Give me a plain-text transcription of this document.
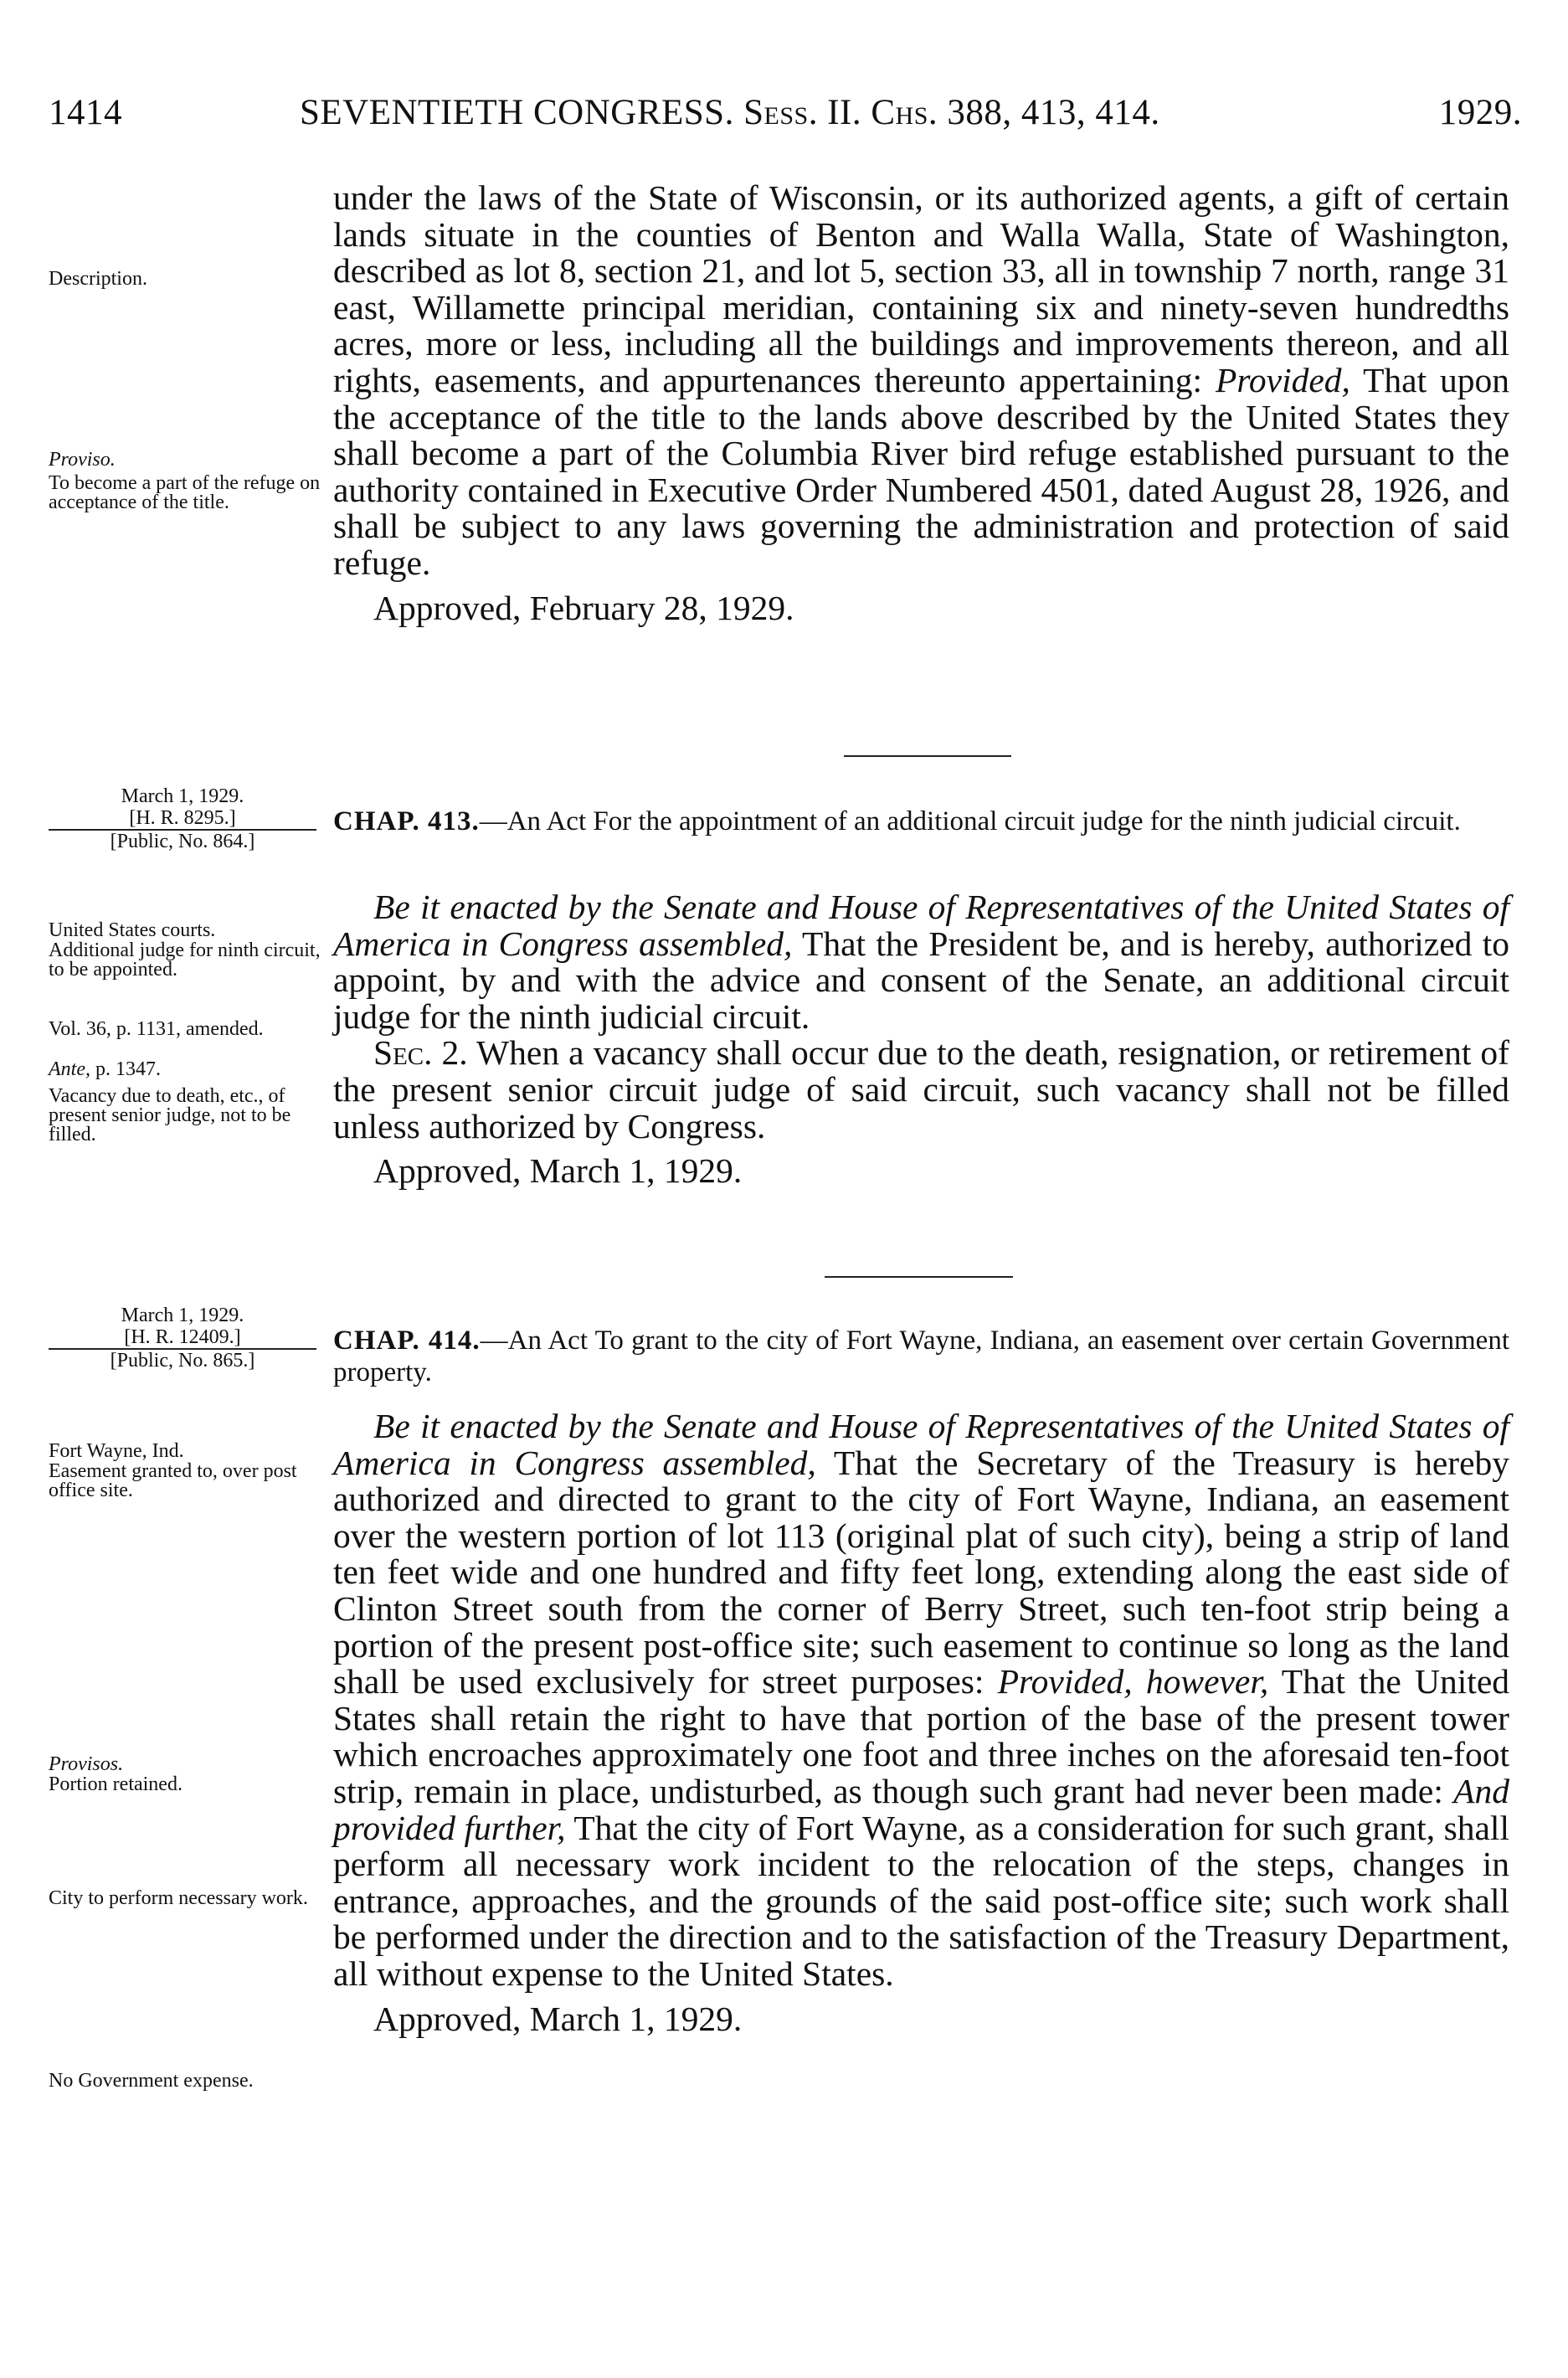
1414	SEVENTIETH CONGRESS. Sess. II. Chs. 388, 413, 414.	1929.

under the laws of the State of Wisconsin, or its authorized agents, a gift of certain lands situate in the counties of Benton and Walla Walla, State of Washington, described as lot 8, section 21, and lot 5, section 33, all in township 7 north, range 31 east, Willamette principal meridian, containing six and ninety-seven hundredths acres, more or less, including all the buildings and improvements thereon, and all rights, easements, and appurtenances thereunto appertaining: Provided, That upon the acceptance of the title to the lands above described by the United States they shall become a part of the Columbia River bird refuge established pursuant to the authority contained in Executive Order Numbered 4501, dated August 28, 1926, and shall be subject to any laws governing the administration and protection of said refuge.

Approved, February 28, 1929.

Description.
Proviso.
To become a part of the refuge on acceptance of the title.
March 1, 1929.
[H. R. 8295.]
[Public, No. 864.]

CHAP. 413.—An Act For the appointment of an additional circuit judge for the ninth judicial circuit.

Be it enacted by the Senate and House of Representatives of the United States of America in Congress assembled, That the President be, and is hereby, authorized to appoint, by and with the advice and consent of the Senate, an additional circuit judge for the ninth judicial circuit.

Sec. 2. When a vacancy shall occur due to the death, resignation, or retirement of the present senior circuit judge of said circuit, such vacancy shall not be filled unless authorized by Congress.

Approved, March 1, 1929.

United States courts.
Additional judge for ninth circuit, to be appointed.
Vol. 36, p. 1131, amended.
Ante, p. 1347.
Vacancy due to death, etc., of present senior judge, not to be filled.
March 1, 1929.
[H. R. 12409.]
[Public, No. 865.]

CHAP. 414.—An Act To grant to the city of Fort Wayne, Indiana, an easement over certain Government property.

Be it enacted by the Senate and House of Representatives of the United States of America in Congress assembled, That the Secretary of the Treasury is hereby authorized and directed to grant to the city of Fort Wayne, Indiana, an easement over the western portion of lot 113 (original plat of such city), being a strip of land ten feet wide and one hundred and fifty feet long, extending along the east side of Clinton Street south from the corner of Berry Street, such ten-foot strip being a portion of the present post-office site; such easement to continue so long as the land shall be used exclusively for street purposes: Provided, however, That the United States shall retain the right to have that portion of the base of the present tower which encroaches approximately one foot and three inches on the aforesaid ten-foot strip, remain in place, undisturbed, as though such grant had never been made: And provided further, That the city of Fort Wayne, as a consideration for such grant, shall perform all necessary work incident to the relocation of the steps, changes in entrance, approaches, and the grounds of the said post-office site; such work shall be performed under the direction and to the satisfaction of the Treasury Department, all without expense to the United States.

Approved, March 1, 1929.

Fort Wayne, Ind.
Easement granted to, over post office site.
Provisos.
Portion retained.
City to perform necessary work.
No Government expense.
